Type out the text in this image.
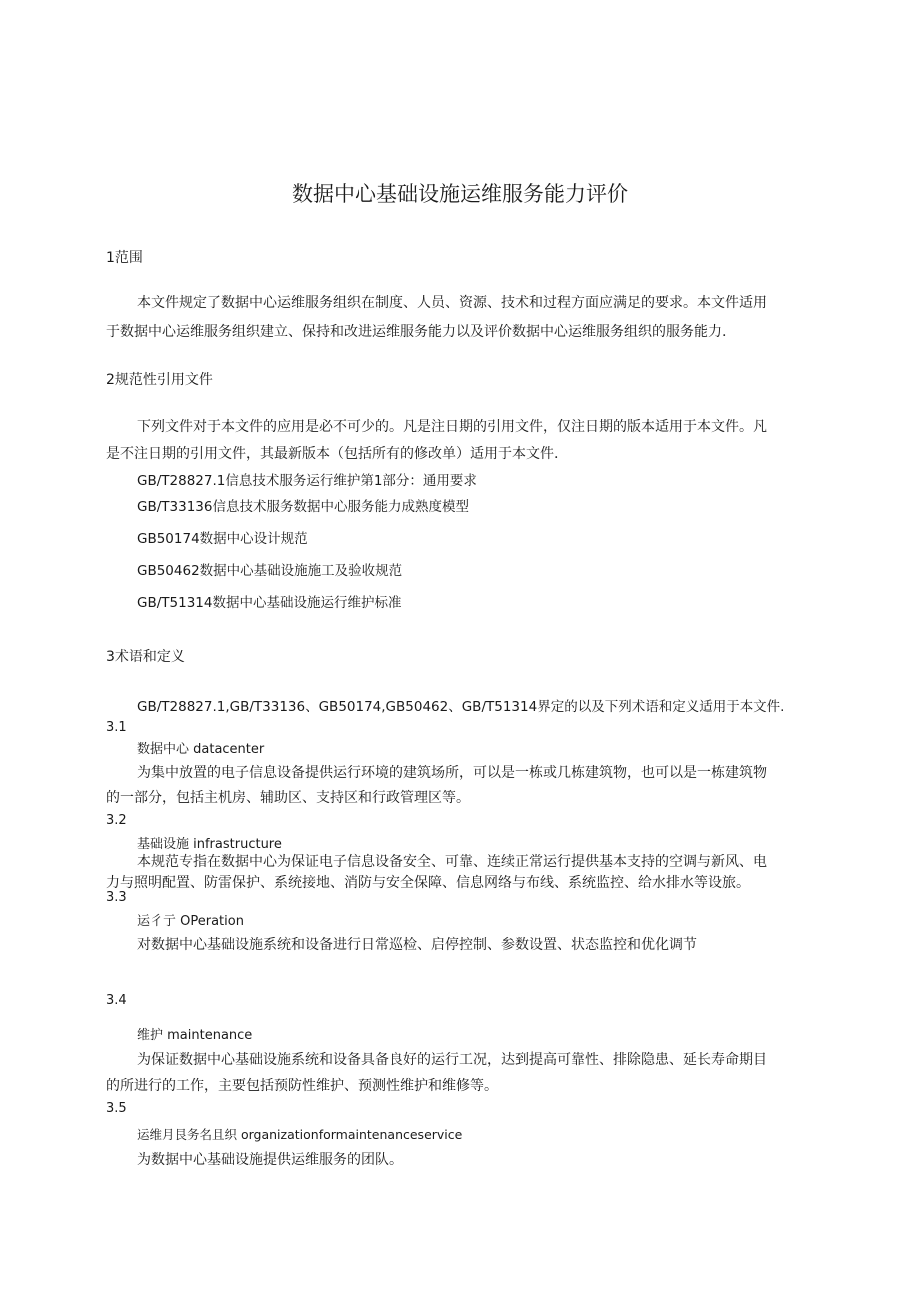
数据中心基础设施运维服务能力评价
1范围
本文件规定了数据中心运维服务组织在制度、人员、资源、技术和过程方面应满足的要求。本文件适用
于数据中心运维服务组织建立、保持和改进运维服务能力以及评价数据中心运维服务组织的服务能力.
2规范性引用文件
下列文件对于本文件的应用是必不可少的。凡是注日期的引用文件，仅注日期的版本适用于本文件。凡
是不注日期的引用文件，其最新版本（包括所有的修改单）适用于本文件.
GB/T28827.1信息技术服务运行维护第1部分：通用要求
GB/T33136信息技术服务数据中心服务能力成熟度模型
GB50174数据中心设计规范
GB50462数据中心基础设施施工及验收规范
GB/T51314数据中心基础设施运行维护标准
3术语和定义
GB/T28827.1,GB/T33136、GB50174,GB50462、GB/T51314界定的以及下列术语和定义适用于本文件.
3.1
数据中心 datacenter
为集中放置的电子信息设备提供运行环境的建筑场所，可以是一栋或几栋建筑物，也可以是一栋建筑物
的一部分，包括主机房、辅助区、支持区和行政管理区等。
3.2
基础设施 infrastructure
本规范专指在数据中心为保证电子信息设备安全、可靠、连续正常运行提供基本支持的空调与新风、电
力与照明配置、防雷保护、系统接地、消防与安全保障、信息网络与布线、系统监控、给水排水等设旅。
3.3
运彳亍 OPeration
对数据中心基础设施系统和设备进行日常巡检、启停控制、参数设置、状态监控和优化调节
3.4
维护 maintenance
为保证数据中心基础设施系统和设备具备良好的运行工况，达到提高可靠性、排除隐患、延长寿命期目
的所进行的工作，主要包括预防性维护、预测性维护和维修等。
3.5
运维月艮务名且织 organizationformaintenanceservice
为数据中心基础设施提供运维服务的团队。
